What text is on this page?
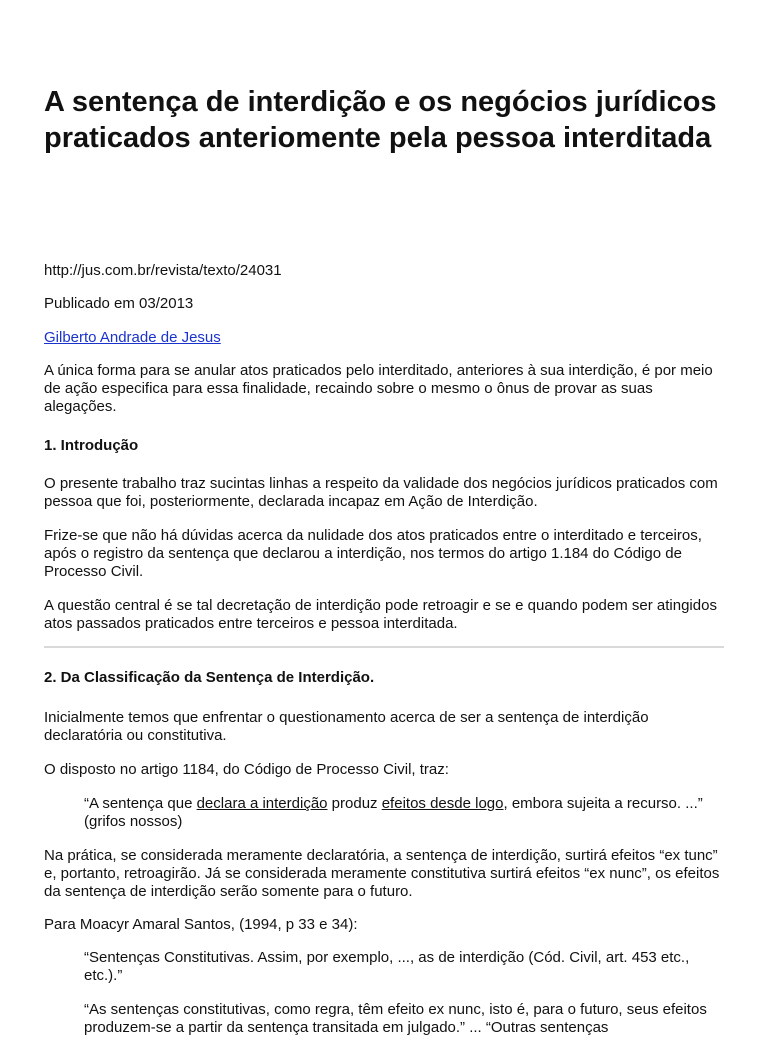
A sentença de interdição e os negócios jurídicos praticados anteriomente pela pessoa interditada

http://jus.com.br/revista/texto/24031

Publicado em 03/2013

Gilberto Andrade de Jesus

A única forma para se anular atos praticados pelo interditado, anteriores à sua interdição, é por meio de ação especifica para essa finalidade, recaindo sobre o mesmo o ônus de provar as suas alegações.

1. Introdução

O presente trabalho traz sucintas linhas a respeito da validade dos negócios jurídicos praticados com pessoa que foi, posteriormente, declarada incapaz em Ação de Interdição.

Frize-se que não há dúvidas acerca da nulidade dos atos praticados entre o interditado e terceiros, após o registro da sentença que declarou a interdição, nos termos do artigo 1.184 do Código de Processo Civil.

A questão central é se tal decretação de interdição pode retroagir e se e quando podem ser atingidos atos passados praticados entre terceiros e pessoa interditada.

2. Da Classificação da Sentença de Interdição.

Inicialmente temos que enfrentar o questionamento acerca de ser a sentença de interdição declaratória ou constitutiva.

O disposto no artigo 1184, do Código de Processo Civil, traz:

“A sentença que declara a interdição produz efeitos desde logo, embora sujeita a recurso. ...” (grifos nossos)

Na prática, se considerada meramente declaratória, a sentença de interdição, surtirá efeitos “ex tunc” e, portanto, retroagirão. Já se considerada meramente constitutiva surtirá efeitos “ex nunc”, os efeitos da sentença de interdição serão somente para o futuro.

Para Moacyr Amaral Santos, (1994, p 33 e 34):

“Sentenças Constitutivas. Assim, por exemplo, ..., as de interdição (Cód. Civil, art. 453 etc., etc.).”

“As sentenças constitutivas, como regra, têm efeito ex nunc, isto é, para o futuro, seus efeitos produzem-se a partir da sentença transitada em julgado.” ... “Outras sentenças
